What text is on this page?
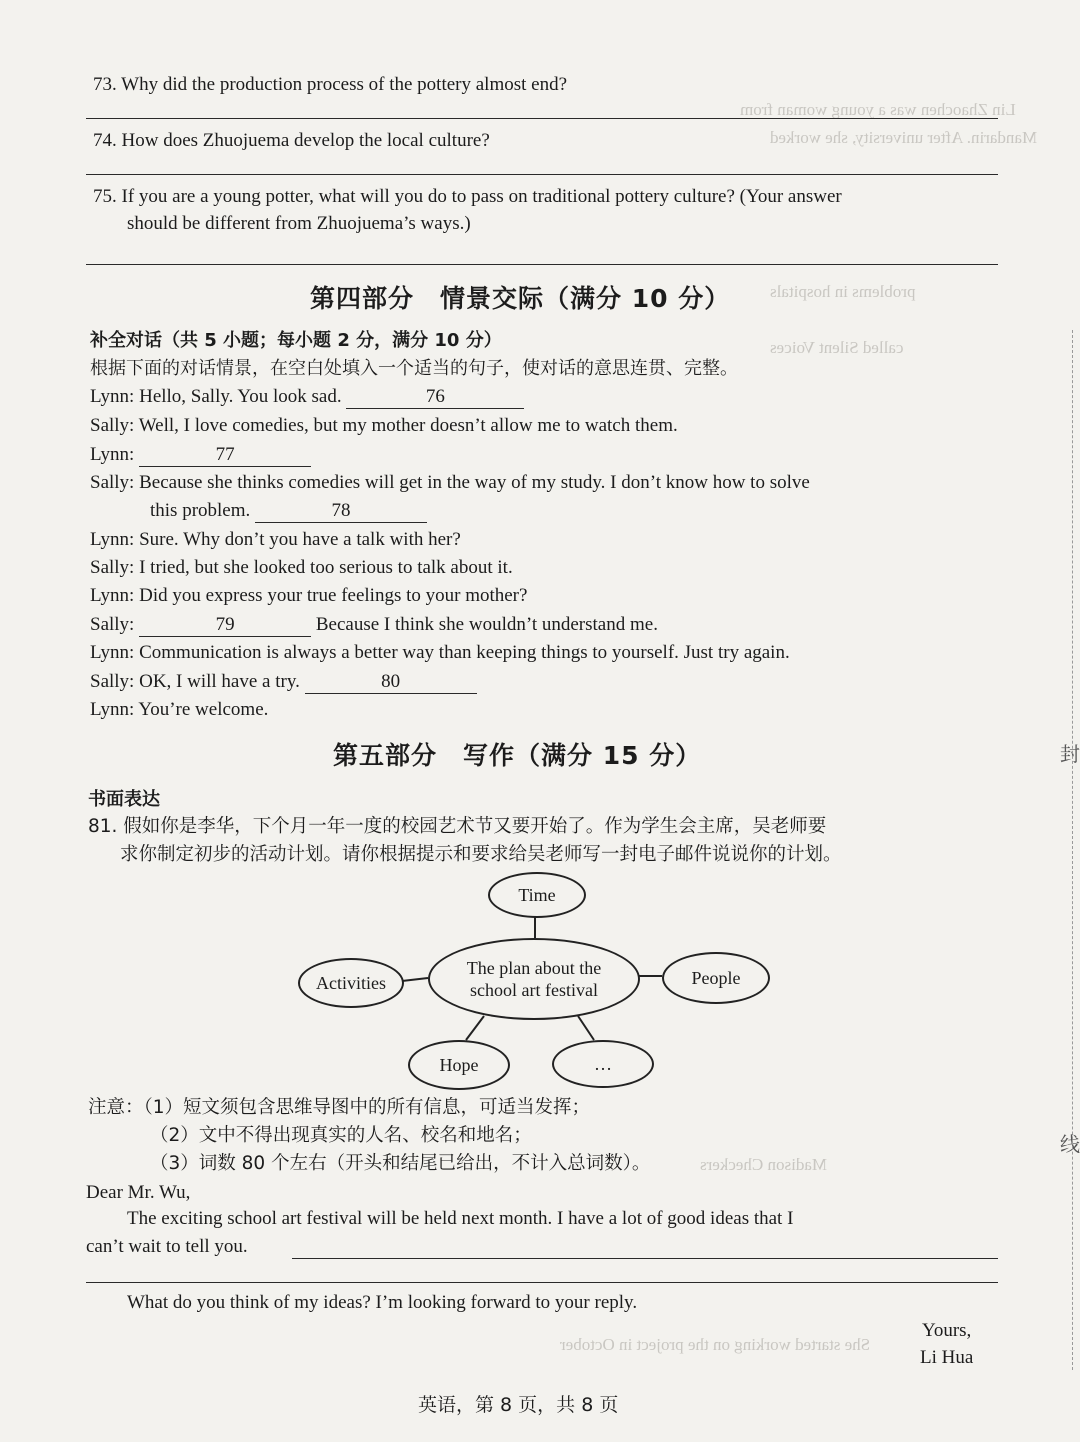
Lin Zhaochen was a young woman from
Mandarin. After university, she worked
problems in hospitals
called Silent Voices
Madison Checkers
She started working on the project in October
73. Why did the production process of the pottery almost end?
74. How does Zhuojuema develop the local culture?
75. If you are a young potter, what will you do to pass on traditional pottery culture? (Your answer
should be different from Zhuojuema’s ways.)
第四部分　情景交际（满分 10 分）
补全对话（共 5 小题；每小题 2 分，满分 10 分）
根据下面的对话情景，在空白处填入一个适当的句子，使对话的意思连贯、完整。
Lynn: Hello, Sally. You look sad.	76
Sally: Well, I love comedies, but my mother doesn’t allow me to watch them.
Lynn:	77
Sally: Because she thinks comedies will get in the way of my study. I don’t know how to solve
this problem.	78
Lynn: Sure. Why don’t you have a talk with her?
Sally: I tried, but she looked too serious to talk about it.
Lynn: Did you express your true feelings to your mother?
Sally:	79	Because I think she wouldn’t understand me.
Lynn: Communication is always a better way than keeping things to yourself. Just try again.
Sally: OK, I will have a try.	80
Lynn: You’re welcome.
第五部分　写作（满分 15 分）
书面表达
81. 假如你是李华，下个月一年一度的校园艺术节又要开始了。作为学生会主席，吴老师要
求你制定初步的活动计划。请你根据提示和要求给吴老师写一封电子邮件说说你的计划。
Time
The plan about the
school art festival
Activities	People
Hope	…
注意：（1）短文须包含思维导图中的所有信息，可适当发挥；
（2）文中不得出现真实的人名、校名和地名；
（3）词数 80 个左右（开头和结尾已给出，不计入总词数）。
Dear Mr. Wu,
The exciting school art festival will be held next month. I have a lot of good ideas that I
can’t wait to tell you.
What do you think of my ideas? I’m looking forward to your reply.
Yours,
Li Hua
英语，第 8 页，共 8 页
封
线
